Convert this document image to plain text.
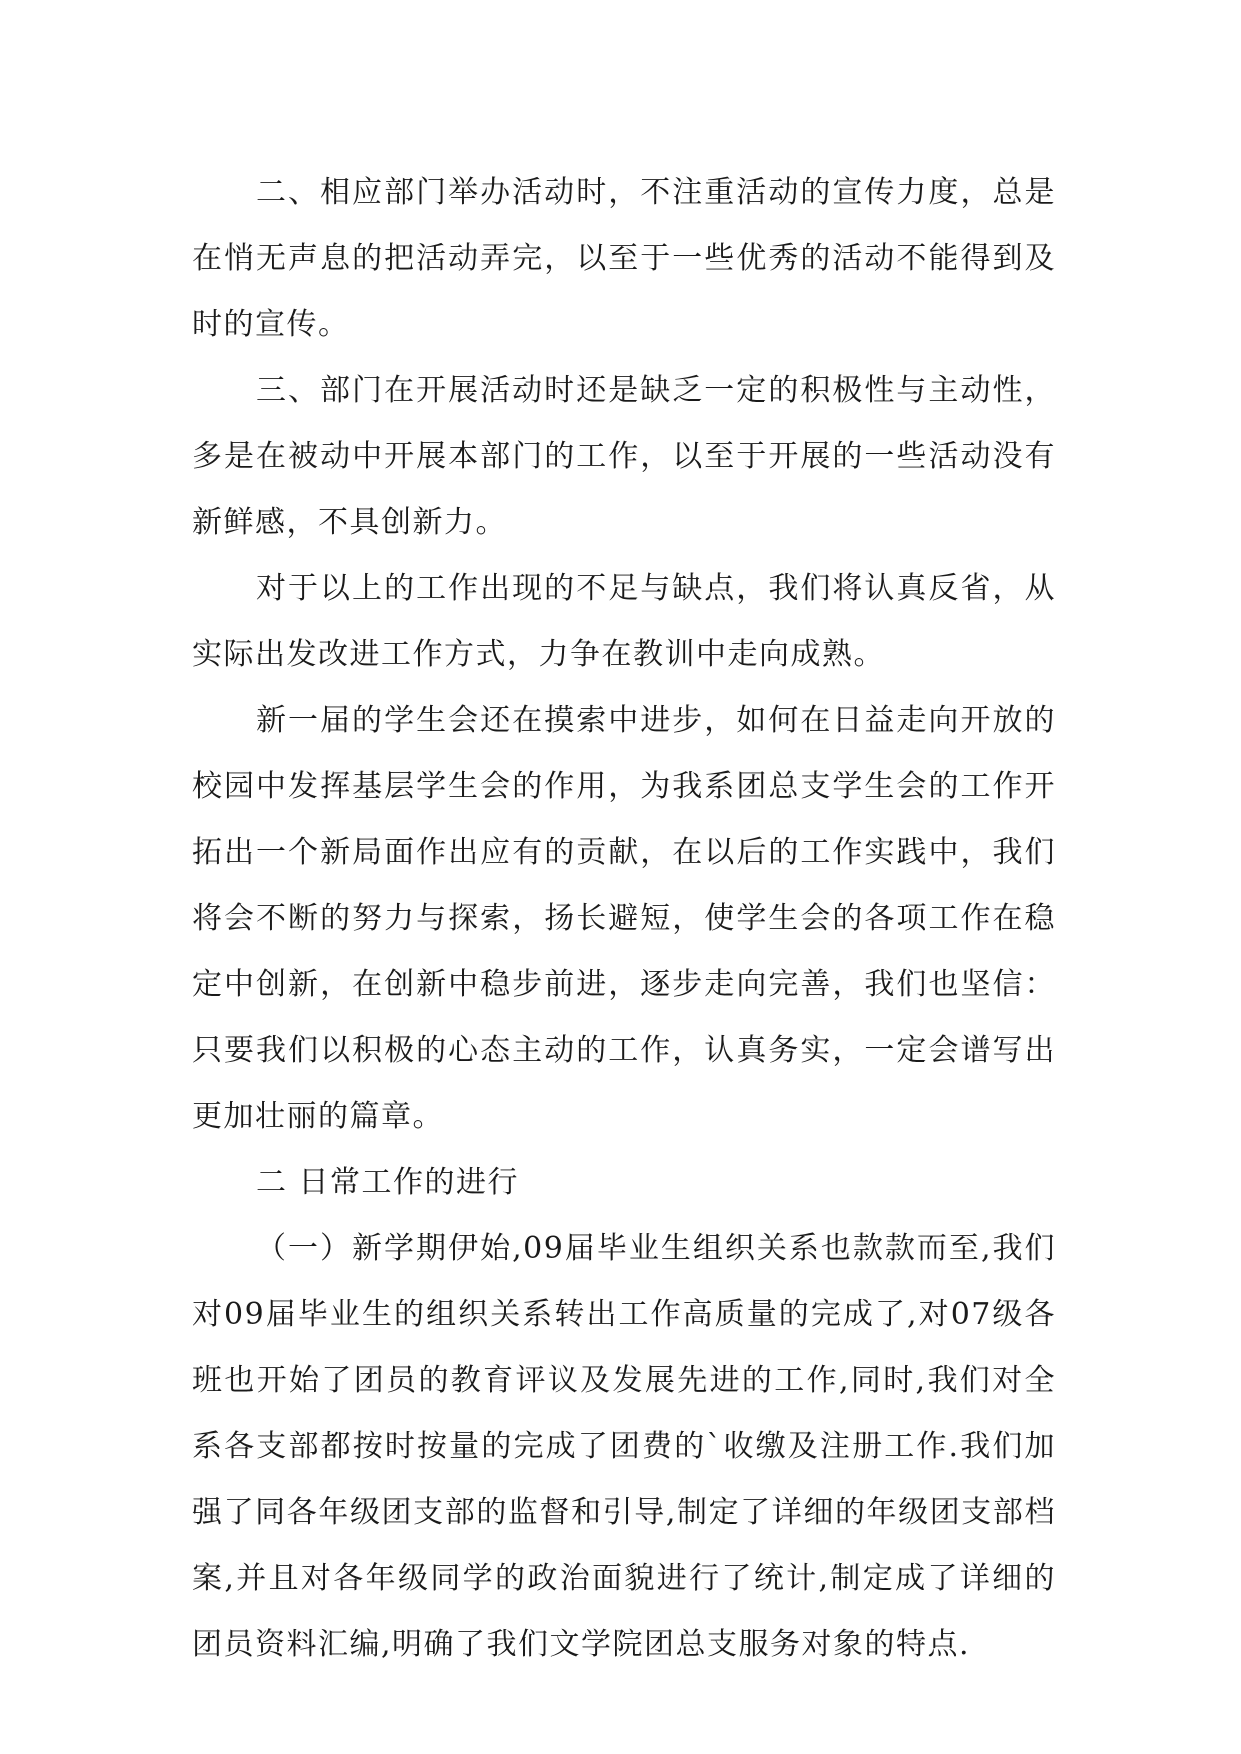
二、相应部门举办活动时，不注重活动的宣传力度，总是在悄无声息的把活动弄完，以至于一些优秀的活动不能得到及时的宣传。

三、部门在开展活动时还是缺乏一定的积极性与主动性，多是在被动中开展本部门的工作，以至于开展的一些活动没有新鲜感，不具创新力。

对于以上的工作出现的不足与缺点，我们将认真反省，从实际出发改进工作方式，力争在教训中走向成熟。

新一届的学生会还在摸索中进步，如何在日益走向开放的校园中发挥基层学生会的作用，为我系团总支学生会的工作开拓出一个新局面作出应有的贡献，在以后的工作实践中，我们将会不断的努力与探索，扬长避短，使学生会的各项工作在稳定中创新，在创新中稳步前进，逐步走向完善，我们也坚信：只要我们以积极的心态主动的工作，认真务实，一定会谱写出更加壮丽的篇章。

二 日常工作的进行

（一）新学期伊始,09届毕业生组织关系也款款而至,我们对09届毕业生的组织关系转出工作高质量的完成了,对07级各班也开始了团员的教育评议及发展先进的工作,同时,我们对全系各支部都按时按量的完成了团费的`收缴及注册工作.我们加强了同各年级团支部的监督和引导,制定了详细的年级团支部档案,并且对各年级同学的政治面貌进行了统计,制定成了详细的团员资料汇编,明确了我们文学院团总支服务对象的特点.
